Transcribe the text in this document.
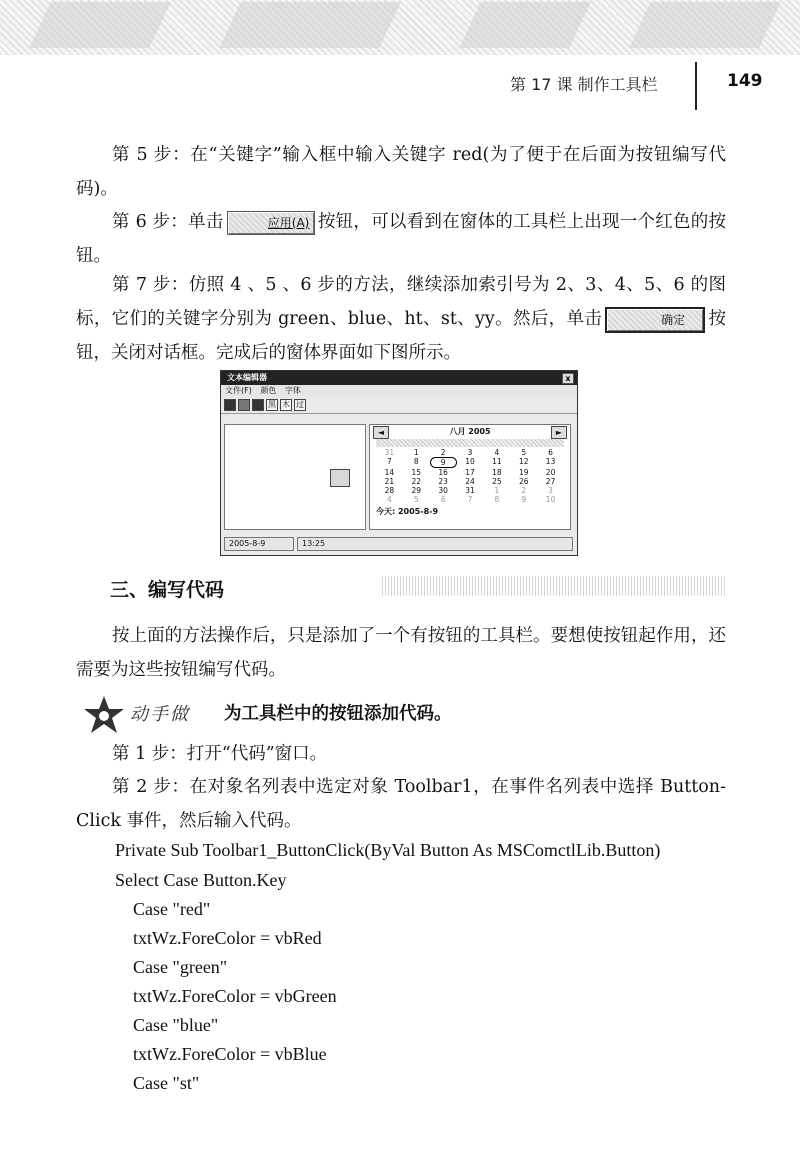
第 17 课 制作工具栏	149
第 5 步：在“关键字”输入框中输入关键字 red(为了便于在后面为按钮编写代码)。
第 6 步：单击	应用(A) 按钮，可以看到在窗体的工具栏上出现一个红色的按钮。
第 7 步：仿照 4 、5 、6 步的方法，继续添加索引号为 2、3、4、5、6 的图标，它们的关键字分别为 green、blue、ht、st、yy。然后，单击	确定 按钮，关闭对话框。完成后的窗体界面如下图所示。
文本编辑器	x
文件(F) 颜色 字体
黑 木 过
◄	八月 2005	►
31	1	2	3	4	5	6
7	8	9	10	11	12	13
14	15	16	17	18	19	20
21	22	23	24	25	26	27
28	29	30	31	1	2	3
4	5	6	7	8	9	10
今天: 2005-8-9
2005-8-9	13:25
三、编写代码
按上面的方法操作后，只是添加了一个有按钮的工具栏。要想使按钮起作用，还需要为这些按钮编写代码。
动手做 为工具栏中的按钮添加代码。
第 1 步：打开“代码”窗口。
第 2 步：在对象名列表中选定对象 Toolbar1，在事件名列表中选择 Button-Click 事件，然后输入代码。
Private Sub Toolbar1_ButtonClick(ByVal Button As MSComctlLib.Button)
Select Case Button.Key
Case "red"
txtWz.ForeColor = vbRed
Case "green"
txtWz.ForeColor = vbGreen
Case "blue"
txtWz.ForeColor = vbBlue
Case "st"
